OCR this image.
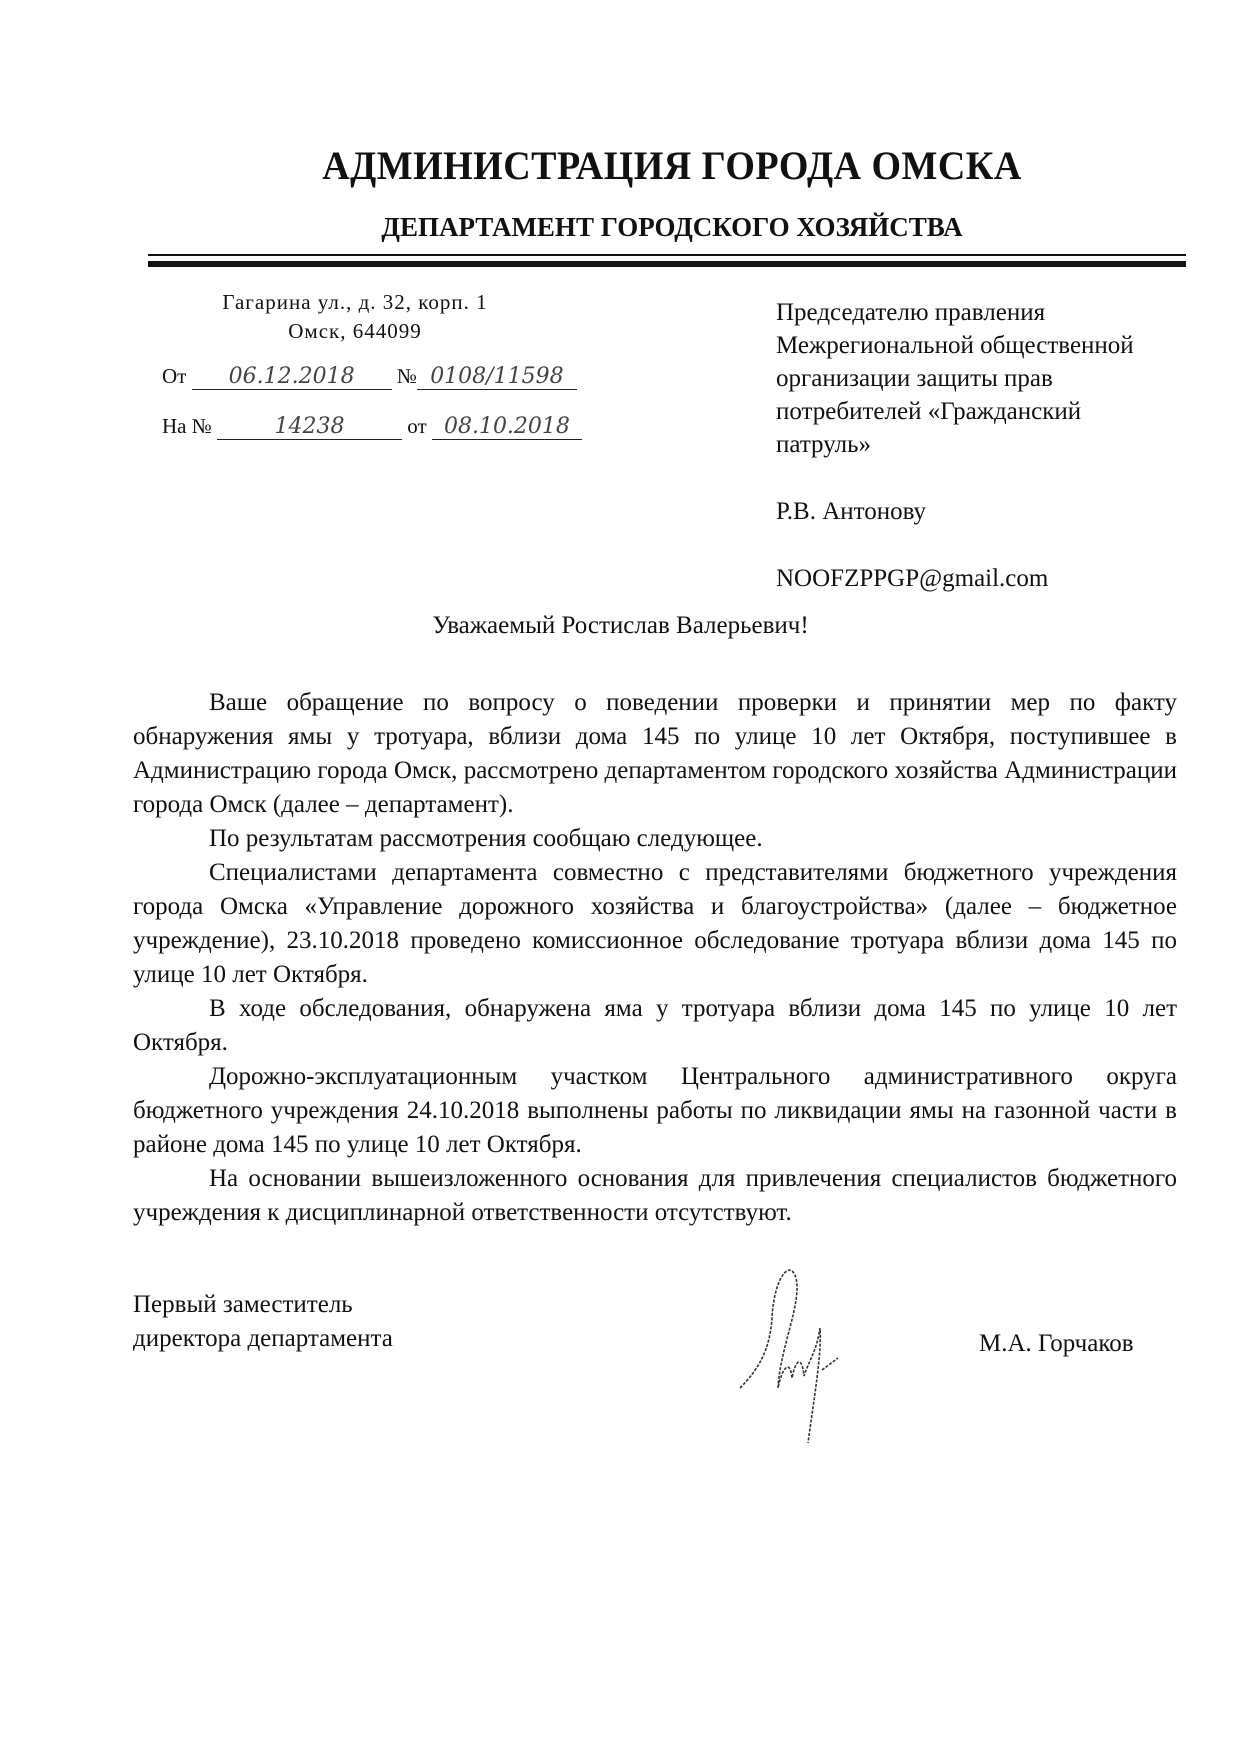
АДМИНИСТРАЦИЯ ГОРОДА ОМСКА
ДЕПАРТАМЕНТ ГОРОДСКОГО ХОЗЯЙСТВА
Гагарина ул., д. 32, корп. 1
Омск, 644099
От 06.12.2018 № 0108/11598
На №	14238	от 08.10.2018
Председателю правления
Межрегиональной общественной
организации защиты прав
потребителей «Гражданский
патруль»
Р.В. Антонову
NOOFZPPGP@gmail.com
Уважаемый Ростислав Валерьевич!

Ваше обращение по вопросу о поведении проверки и принятии мер по факту обнаружения ямы у тротуара, вблизи дома 145 по улице 10 лет Октября, поступившее в Администрацию города Омск, рассмотрено департаментом городского хозяйства Администрации города Омск (далее – департамент).

По результатам рассмотрения сообщаю следующее.

Специалистами департамента совместно с представителями бюджетного учреждения города Омска «Управление дорожного хозяйства и благоустройства» (далее – бюджетное учреждение), 23.10.2018 проведено комиссионное обследование тротуара вблизи дома 145 по улице 10 лет Октября.

В ходе обследования, обнаружена яма у тротуара вблизи дома 145 по улице 10 лет Октября.

Дорожно-эксплуатационным участком Центрального административного округа бюджетного учреждения 24.10.2018 выполнены работы по ликвидации ямы на газонной части в районе дома 145 по улице 10 лет Октября.

На основании вышеизложенного основания для привлечения специалистов бюджетного учреждения к дисциплинарной ответственности отсутствуют.

Первый заместитель
директора департамента	М.А. Горчаков
